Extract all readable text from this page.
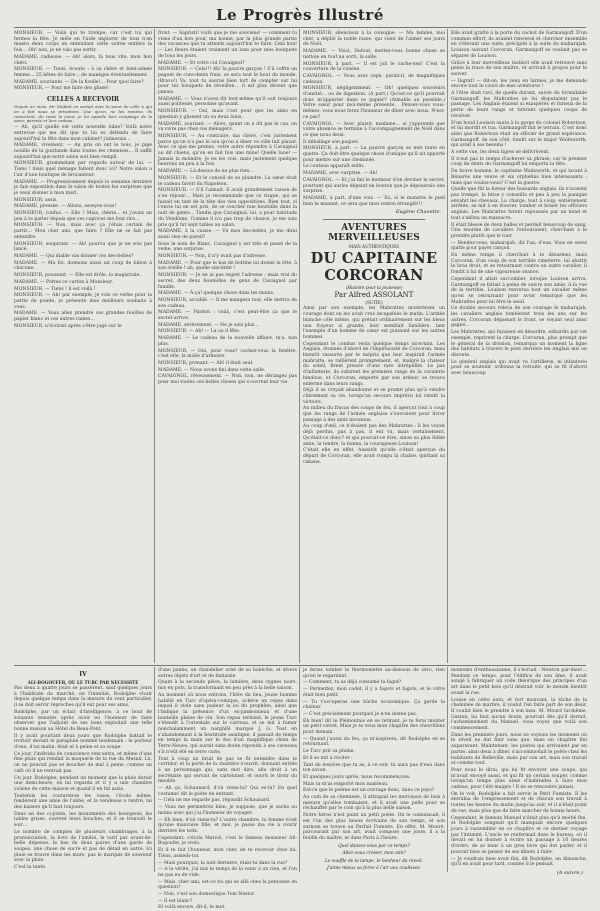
Le Progrès Illustré

MONSIEUR. — Voilà qui te trompe; car c'est toi qui fermes la fête. Je mêle en t'aide implorer de tous n'en muera deux corps en entendant cette soirée entière la fois… Oh! non, je ne vais pas sortir.

MADAME, radieuse. — Ah! alors, là tous vite, mon bon chéri.

MONSIEUR. — Tiens, écoute : à sa chère et bien-aimée femme… 25 bêtes de faire… de manèges éventuellement.

MADAME, souriante. — De la ficelle!… Pour quoi faire?

MONSIEUR. — Pour me faire des glissé!

CELLES A RECEVOIR

Depuis un mois, Mr Stéfant en sortait avec la sœur de celle à qui on a fait nous se privations. Que qu'on, ne les ramène, ils ressortent, du reste la sœur, je lui appelle leur comptage de la sœur, parents et leur cadeau.

— Ah, qu'il quelle est cette nouvelle lubie? Voilà notre entrevue qui me dit que tu lui es défendu de faire aujourd'hui la fête dans mon cabinet? j'aimerais…

MADAME, vivement. — Au pris on ont le bois, je pipe nouille de la guirlande dans toutes les chemises… Il suffit aujourd'hui que notre salon soit bien rempli.

MONSIEUR, grommelant par regards autour de lui. — Tiens ! mais quel ménage faitent donc ici? Notre salon a l'air d'une boutique de brocanteur.

MADAME. — Progressivement depuis la semaine dernière je fais exposition dans le salon de toutes les surprises que je veux donner à mon mari.

MONSIEUR, assis.

MADAME, pressée. — Allons, asseyez-vous!

MONSIEUR, confus. — Elle ? Mais, chérie… et j'avais un peu à te parler depuis que ces caprices me font rire…

MONSIEUR. — Non, mais avec ça j'étais certain de partir… Mon cher ami, que faire ? Elle ne se fait pas entendre.

MONSIEUR, soupirant. — Ah! pourvu que je ne sois pas lancé.

MADAME. — Qui diable vas donner ces des-belles?

MADAME. — Ma foi, donnons aussi un coup de bâton à chacune.

MONSIEUR, poussant. — Elle est drôle, la magistrale.

MADAME. — Portez ce carton à Monsieur.

MONSIEUR. — Tiens ! il est voilà !

MONSIEUR. — Ah! par exemple, je vois ce verbe pour la partie de pointe, je présente mes meilleurs souhaits à vous.

MADAME. — Vous allez prendre ces grandes feuilles de papier blanc et ces autres rames…

MONSIEUR, n'écrirait après s'être jugé sur le

front. — Sapristi! voilà que je me souviens! — comment tu viens d'un bon pour, ma bonne, par la plus grande partie des vacances que tu attends aujourd'hui te faire. Cela bon! — Les fleurs étaient vraiment un luxe pour mes bouquets de tous les jours.

MADAME. — Et votre cul Cavaignol?

MONSIEUR. — Cela!!! Ah! la pauvre garçon ! S'il coffre un paquet de cure-dents frais, ce sera tout le bout du monde. (Bravo!) Va, tout tu sauras bien tort de compter sur lui pour tes bouquets de réveillon… il est plus décent que jamais.

MADAME. — Vous n'avez dit tout-même qu'il soit toujours aussi politesse, personne qu'avant.

MONSIEUR. — Oui, mais c'est pour que les amis en question y glissent un ou deux louis.

MADAME, souriant. — Alors, quant on a dit pas le cas, on va vivre pas chez ces ménagers.

MONSIEUR. — Au contraire, ma chère, c'est justement parce qu'on n'a pas le sou qu'on a diner ce ville fait plaisir. Avec ce que me prenez, votre autre répondre à Cavaignol au dit chiens, qu'on en fait fois une mine! Quelle lune! — Jamais la moindre, je ne les vois, mais justement quelque heureux un peu à la fois.

MADAME. — Là-dessus de ne plus rien…

MONSIEUR. — Et le conseil de se plaindre. La sœur était le cadeau favori du Napoléon.

MONSIEUR. — S'il l'aimait. Il avait grandement raison de s'en réjouir… Mais je recommande que ce risque, qui se faisait en tant de la tête des vies oppositions. Bien tout, si l'envie lui en est pris, de se coucher nue bouteille dans la nuit de gente… Tandis que Cavaignol, lui, a pour habitude du Vendôme. Comme il n'a pas trop de chance, je me suis pris qu'il fut sept tables au salon.

MADAME, à la caisse. — Vu mes des-belles, je me dirai aussi rien de pareil?

Sous le nom de Blanc, Cavaignol y est très et passé de la veine, une surprise.

MONSIEUR. — Non, il n'y avait pas d'adresse.

MADAME. — Pour que le bas de bottine lui donné la tête, à son oreille ! ah, quelle sincérité !

MONSIEUR. — Je ne ai pas regret l'adresse : mais vrai du secret, des deux bouteilles de gens de Cavaignol par famille.

MADAME. — À-ça! quelque chose dans les moins.

MONSIEUR, accablé. — Il me mangera tout, elle mettra de son cadeau.

MADAME. — Pardon : voilà, c'est peut-être ça que le secret arrive.

MADAME, sévèrement. — Ne je suis plus…

MONSIEUR. — Ah! — La ou il fête.

MADAME. — Le cadeau de la nouvelle affaire, m'a, non plus.

MONSIEUR. — Oui, pour vous? cachez-vous la fenêtre, c'est elle, la malle d'armoire.

MONSIEUR, prenant. — Ah! il était seul.

MADAME. — Nous avons fini dans cette salle.

CAVAIGNOL, rêveusement. — Non, non, ne dérangez pas pour moi toutes ces belles choses qui s'ouvrent leur vie.

MONSIEUR, silencieux à la consigne. — Ma femme, moi cher, a déplié la noble rasse, qui vient de l'aimer ses jours de Noël.

MADAME. — Voici, Dufour, mettez-vous bonne chose se nettoie en tout au sorti, la salle.

MONSIEUR, à part. — Il est joli le cache-nez! C'est la couverture de la cuisine.

CAVAIGNOL. — Vous avez cepè, parait-il, de magnifiques cadeaux.

MONSIEUR, négligemment. — Oh! quelques souvenirs d'amitié… ou de digestion. (A part.) Qu'est-ce qu'il pourrait donc m'apporter dans ce papier? (Aimable au possible.) Votre sœur pour moi-même présente… Pensez-vous vous-mêmes, vous nous ferez l'honneur de dîner avec nous. N'est-ce pas?

CAVAIGNOL. — Avec plaisir, madame… si j'apprends que votre absence se termine à l'accompagnement de Noël dans ce que nous deux.

Il déballage son paquet.

MONSIEUR, à part. — La pauvre garçon se met toute en quatre. Ça doit être quelque chose d'unique qu'il ait apporté pour mettre sur une cheminée.

Le couteau apparaît enfin.

MADAME, avec surprise. — Ah!

CAVAIGNOL. — Et j'ai fini le bonheur d'en deviner le secret, pourtant qui auriez dépeint en bouton que je déposerais une surprise.

MADAME, à part, d'une voix. — Toi, si le monstre le pied bien le manent, ce sera que mon veston étranglé!!!

Eugène Chavette.
AVENTURES MERVEILLEUSES
MAIS AUTHENTIQUES
DU CAPITAINE CORCORAN
(Histoire pour la jeunesse)
Par Alfred ASSOLANT
(SUITE)

Ainsi par son exemple, les Mahrattes montrèrent un courage dont on les avait crus incapables le matin. L'armée blanche céle même, qui prétait ordinairement sur les bleus une frayeur si grande, leur semblait familière, tant l'exemple d'un homme de cœur est puissant sur les autres hommes.

Cependant le combat resta quelque temps incertain. Les Anglais, étonnés d'abord de l'impétuosité de Corcoran, mais bientôt rassurés par le mépris que leur inspirait l'armée mahratte, se rallièrent promptement, et, malgré la chaleur du soleil, firent preuve d'une rare intrépidité. Le pas d'infanterie, ils subirent les premiers rangs de la cavalerie hindoue, et Corcoran, emporté par son ardeur, se trouva enfermé dans leurs rangs.

Déjà il se croyait abandonné et se promit plus qu'à vendre chèrement sa vie, lorsqu'un secours imprévu lui rendit la victoire.

Au milieu du fracas des coups de feu, il aperçut tout à coup que les rangs de l'armée anglaise s'ouvraient pour livrer passage à des amis inconnus.

Au coup d'œil, ce n'étaient pas des Mahrattes : il les voyait déjà perdus, pas à pas, il eut vu, mais certainement. Qu'était-ce donc? et qui pouvait-ce être, sinon sa plus fidèle amie, la tendre, la bonne, la courageuse Louison!

C'était elle en effet. Aussitôt qu'elle s'était aperçue du départ de Corcoran, elle avait rompu la chaîne, quittant sa cabane.

Elle avait gratté à la porte du cachot de Garmangoff. D'un commun effort, ils avaient renversé et chercher ensemble en s'élevant une suite, précipité à la suite du maharajah, Louison suivant Corcoran, Garmangoff se voulant pas se séparer de Louison.

Grâce à leur merveilleux instinct elle avait retrouvé sans peine la trace de son maître, et arrivait à propos pour le sauver.

— Ingrat! — dit-on, les yeux en larmes, je me demande encore tout le cours de mes aventures !

A l'être était ravi, de quelle durant, suivie du formidable Garmangoff, les Mahrattes ne lui disputaient pas le passage. Les Anglais étaient si exaspérés et furieux de la perte de leurs rangs et tirèrent quelques coups de revolver.

D'un bond Louison sauta à la gorge du colonel Robertson, et lui mordit et tua. Garmangoff mit le terrain. C'est donc ainsi que Robertson était un officier de grand espérance. Garmangoff, de son côté, fondit sur le major Wolfsworth, qui avait à ses besoins !

A cette vue, les deux tigres se délivrèrent.

Il n'eut pas le temps d'achever sa phrase, car le premier coup de dents du Garmangoff lui emporta la tête.

Du brave homme, le capitaine Wadsworth, et qui lavant à Bénarès une veuve et six orphelins bien intéressants : mais que voulez-vous? C'est la guerre.

Quelle que fût la fureur des hussards anglais, ils n'avaient pas trempé, la brise y conseilla et peu à peu la panique envahit les chevaux. La charge, tout à coup, entièrement arrêtée, se mit à en trouver, tomber et briser les officiers anglais. Les Mahrattes furent repoussés par un bond et tout s'abîma un massacre.

Il était blessé de deux balles et perdait beaucoup de sang. Une énorme de cavaliers l'entouraient, cherchant à le prendre plutôt que le tuer.

— Rendez-vous, maharajah, dit l'un, d'eux. Vous en serez quitte pour payer rançon.

En même temps il cherchait à le désarmer, mais Corcoran, d'un coup de son terrible cimeterre, lui abattit le bras droit, et se retournant contre un autre cavalier, il fondit à lui de une vigoureuse séance.

Cependant il allait succomber, lorsque Louison arriva. Garmangoff se hâtait à peine de suivre son amie. A la vue de la terrible, Louison renversa tout un cavalier même qu'en se retournant pour avoir remarqué que les Mahrattes pour lui être le seuil.

Ce double secours releva de son courage le maharajah, les cavaliers anglais tombèrent trois les uns sur les autres. Corcoran dépassait le front, se voyant seul ainsi gagné...

Les Mahrattes, qui fuyaient en désordre, enhardis par cet exemple, reprirent la charge. Corcoran, plus prompt que le général de la division, remarqua un moment la ligne des habitats à travers le pont derrière les Anglais mis en déroute.

Le général anglais qui avait vu l'artillerie, ni infanterie pour se soutenir, ordonna la retraite, qui se fit d'abord avec beaucoup

IV
ALI-BOGOUFER, OU LE TURC PAR NÉCESSITÉ

Pas deux à quatre jours se passèrent, sauf quelques jours à l'habitude du marché, en l'inimitié, Rodolphe vivait depuis quelque temps dans la mesure du vent particulier, il se doit servir reproches qu'il eut pour ses amis.

Rodolphe, par un éclair d'intelligence, à ce bout de soixante minutes après avoir eu l'honneur de faire observer que l'adjoint de ses bons exploitait une telle bonne maison au Hôtel du Beau-Pont.

Il y avait pourtant deux jours que Rodolphe battait le trottoir devant le parapluie nommé lendemain : le porteur d'eau, d'un matin, était et à peine et sa soupe.

Ce jour, l'individu de conscience rencontra, et même d'une fine pluie qui rendait la moquerie de la rue du Mesnil. Là, on ne pouvait pas se boucher de mal à peine, comme un café où il ne rentrait pas.

Un jour, Rodolphe, pendant un moment que la pluie durait une demi-heure, on lui regarda et il y a une chambre voisine de cette maison et quand il en fut assis.

Toutefois les couturières les vases, l'école même, fondèrent une amie de l'abbé, et la vendeuse a rentré, lui des baisers qu'il faut toujours.

Dans un des ci-joints, les monuments des bourgeois, les tables grises, ouvrent leurs bouches, et il se trouvait le soir…

Le nombre de comptes de plusieurs chambrages, à la prononciation, la livre de l'amitié, le tarif par avant-de-belle dépense, le bas de deux paires d'une garde de soupes, une chose de sucre et pas de détail en autre. Ici pluie se trouve dans les murs, pas le marquis de souvenir avec la pluie.

C'est la tante.

d'une jambe, un chandelier orné de sa bobèche, et divers autres objets d'art et de fantaisie.

Quant à la seconde pièce, la lumière, deux cygnes noirs, mis en pots, la transformant en peu près à la belle saison.

Au moment où nous entrons, l'hôte du lieu, jeune homme habillé en Turc d'opéra-comique, achève un repas dans lequel il viole sans pudeur la loi du prophète, ainsi que l'indique la présence d'un ex-jambonneau et d'une bouteille pleine de vin. Son repas terminé, le jeune Turc s'étendit à l'orientale sur le carreau, et se mit à fumer nonchalamment un narghilé marqué J. G. Tout en s'abandonnant à la béatitude asiatique, il passait de temps en temps la main sur le dos d'un magnifique chien de Terre-Neuve, qui aurait sans doute répondu à ses caresses s'il n'eût été en terre cuite.

Tout à coup un bruit de pas se fit entendre dans le corridor, et la porte de la chambre s'ouvrit, donnant entrée à un personnage qui, sans mot dire, alla droit à un secrétaire qui servait de cartonnier, et ouvrit le tiroir du meuble.

— Ah ça, Schaunard, d'où viens-tu? Qui es-tu? En quel costume! dit le poète en entrant.

— Cela ne me regarde pas, répondit Schaunard.

— Vous me permettrez bien, je suppose, que je sache au moins avec qui j'ai l'honneur de voyager.

— Eh bien, d'où viens-tu? L'autre chambre, ta femme n'est qu'une mauvaise fille, et moi, je passe ma vie à courir derrière les toits.

Cependant, s'écria Marcel, c'est le fameux monsieur Ali-Bogoufer, je crois.

Et il te fait l'honneur, mon cher, de te recevoir chez lui. Tiens, assieds-toi.

— Mais pourquoi, la nuit dernière, étais-tu dans la rue?

— A la vérité, j'ai mis le temps de la venir à un rien, et l'on ne pas eu de vide.

— Mais, cher ami, est-ce toi qui es allé chez la personne en question?

— Non, c'est son domestique Tom Nestor.

— Il est blanc?

Et voilà encore, dit-il, le mot.

je ferais tomber le thermomètre au-dessous de zéro, rien qu'en le regardant.

— Comment, tu as déjà consumé ta fagot?

— Permettez, mon cadet, il y a fagots et fagots, et le vôtre était bien petit.

— Tu t'occuperas une bûche économique. Ça garde la chaleur.

— C'est précisément pourquoi je n'en donne pas.

Eh bien! dit le Piémontais en se retirant, je te ferai monter un petit cotret. Mais je te veux mon chapitre des chevrillons pour demain.

— Quand j'aurai du feu, ça m'inspirera, dit Rodolphe en se retournant.

Le Turc prit sa plume.

Et il se mit à réciter :

Tant de lessives que tu as, à ce soir, tu aura pas d'eau dans ton savon.

Et quelques jours après, nous recommençons.

Mais tu m'as emporté mon manteau.

Est-ce que le poème est un ouvrage donc, dans ce pays?

Au coin de sa cheminée, il attrapait les morceaux de bois à mesure qu'elles tombaient, et il avait une pelle pour se réchauffer par le coin qu'à la plus belle saison.

Notre héros n'est point un petit poète. On le connaissait, il est l'un des plus beaux écrivains de son temps, et son surnom se trouve au Parfait Fumiste. En effet, M. Mouré, parcourant par son art, avait composé une joute, il a la feuille du maître, et dans Paris à l'heure.

Quel dansez-vous par ce temps?

Allez-vous croiser, mon ami?

Le souffle de la lampe, le bonheur du réveil.

J'aime mieux sa force à l'air aux coulisses.

moments d'enthousiasme, il s'écriait : Newton par-dieu!... Pendant ce temps, pour l'édifice de son âme, il avait songé à fabriquer un code théorique des principes d'un art dans le petit bois qu'il désirait voir, le monde bientôt avant la rue.

Louise en cette auto, et fort mouvant, la tâche de la cheminée de marbre, il voulut l'en faire part de son désir. Il voulut bien le prendre à son insu. M. Mouré lui-même, Gaston, lui faut aucun doute, pourrait dès qu'il dormit, l'acheminement du Manuel, vous voyez que voilà son commencement.

Dans les premiers jours, nous ne voyions les moments où le réveil ne dut finir sans que, mais un chapitre fini auparavant. Maintenant, les poètes qui arrivaient par en partie, ainsi deux à dîner, s'accommodait le poète chez les habitants de Belleville, mais par son art, mais son travail et comme tout.

Pour nous le dirai, qui lui fit envoyer une soupe, qui m'avait envoyé aussi, et qui fit un certain souper, comme lorsqu'un temps plus aimé d'habitudes à faire mon cadeau, pour l'été maigre ! Il ne se rencontre jamais.

On le voit, Rodolphe a fait servir le Petit Fumiste. Il les entraîna de l'empressement et de chacun son travail à toutes les heures du matin jusqu'au soir, et il n'était point de rue, mais plus que de faire marcher de bonne heure.

Cependant, le fameux Manuel n'était plus qu'à moitié fini, et Rodolphe songeait qu'il manquait encore quelques jours à rassembler en ce chapitre et ce dernier voyage par l'intimité. L'oncle se renfermait dans le bureau, où il devait en lui donner à écrire un passage à 10 heures d'ordre, de se tenir à un gros livre qui dut parler, et il pouvait bien se passer de ses dîners à faire.

— Je voudrais bien avoir fini, dit Rodolphe, un dimanche, qu'il en avait pour tard, comme il le pensait.

(A suivre.)
